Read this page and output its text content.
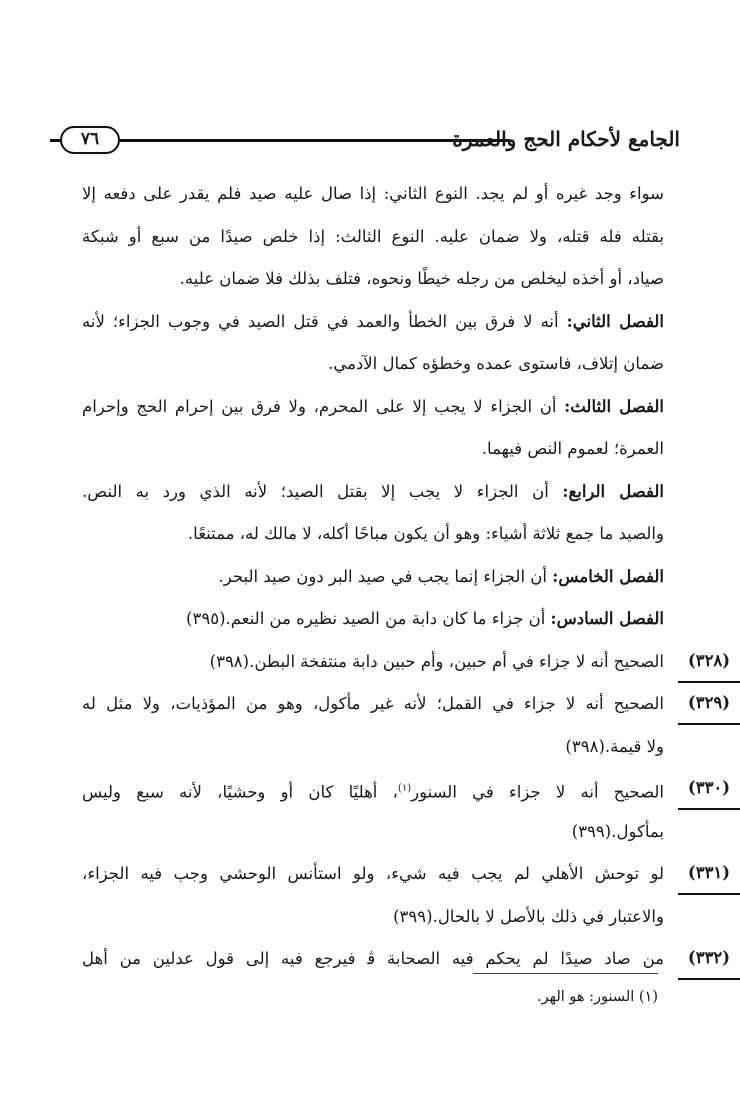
٧٦	الجامع لأحكام الحج والعمرة
سواء وجد غيره أو لم يجد. النوع الثاني: إذا صال عليه صيد فلم يقدر على دفعه إلا
بقتله فله قتله، ولا ضمان عليه. النوع الثالث: إذا خلص صيدًا من سبع أو شبكة
صياد، أو أخذه ليخلص من رجله خيطًا ونحوه، فتلف بذلك فلا ضمان عليه.
الفصل الثاني: أنه لا فرق بين الخطأ والعمد في قتل الصيد في وجوب الجزاء؛ لأنه
ضمان إتلاف، فاستوى عمده وخطؤه كمال الآدمي.
الفصل الثالث: أن الجزاء لا يجب إلا على المحرم، ولا فرق بين إحرام الحج وإحرام
العمرة؛ لعموم النص فيهما.
الفصل الرابع: أن الجزاء لا يجب إلا بقتل الصيد؛ لأنه الذي ورد به النص.
والصيد ما جمع ثلاثة أشياء: وهو أن يكون مباحًا أكله، لا مالك له، ممتنعًا.
الفصل الخامس: أن الجزاء إنما يجب في صيد البر دون صيد البحر.
الفصل السادس: أن جزاء ما كان دابة من الصيد نظيره من النعم.(٣٩٥)
(٣٢٨)
الصحيح أنه لا جزاء في أم حبين، وأم حبين دابة منتفخة البطن.(٣٩٨)
(٣٢٩)
الصحيح أنه لا جزاء في القمل؛ لأنه غير مأكول، وهو من المؤذيات، ولا مثل له
ولا قيمة.(٣٩٨)
(٣٣٠)
الصحيح أنه لا جزاء في السنور$^{(١)}$، أهليًا كان أو وحشيًا، لأنه سبع وليس
بمأكول.(٣٩٩)
(٣٣١)
لو توحش الأهلي لم يجب فيه شيء، ولو استأنس الوحشي وجب فيه الجزاء،
والاعتبار في ذلك بالأصل لا بالحال.(٣٩٩)
(٣٣٢)
من صاد صيدًا لم يحكم فيه الصحابة ﭬ فيرجع فيه إلى قول عدلين من أهل
(١) السنور: هو الهر.
